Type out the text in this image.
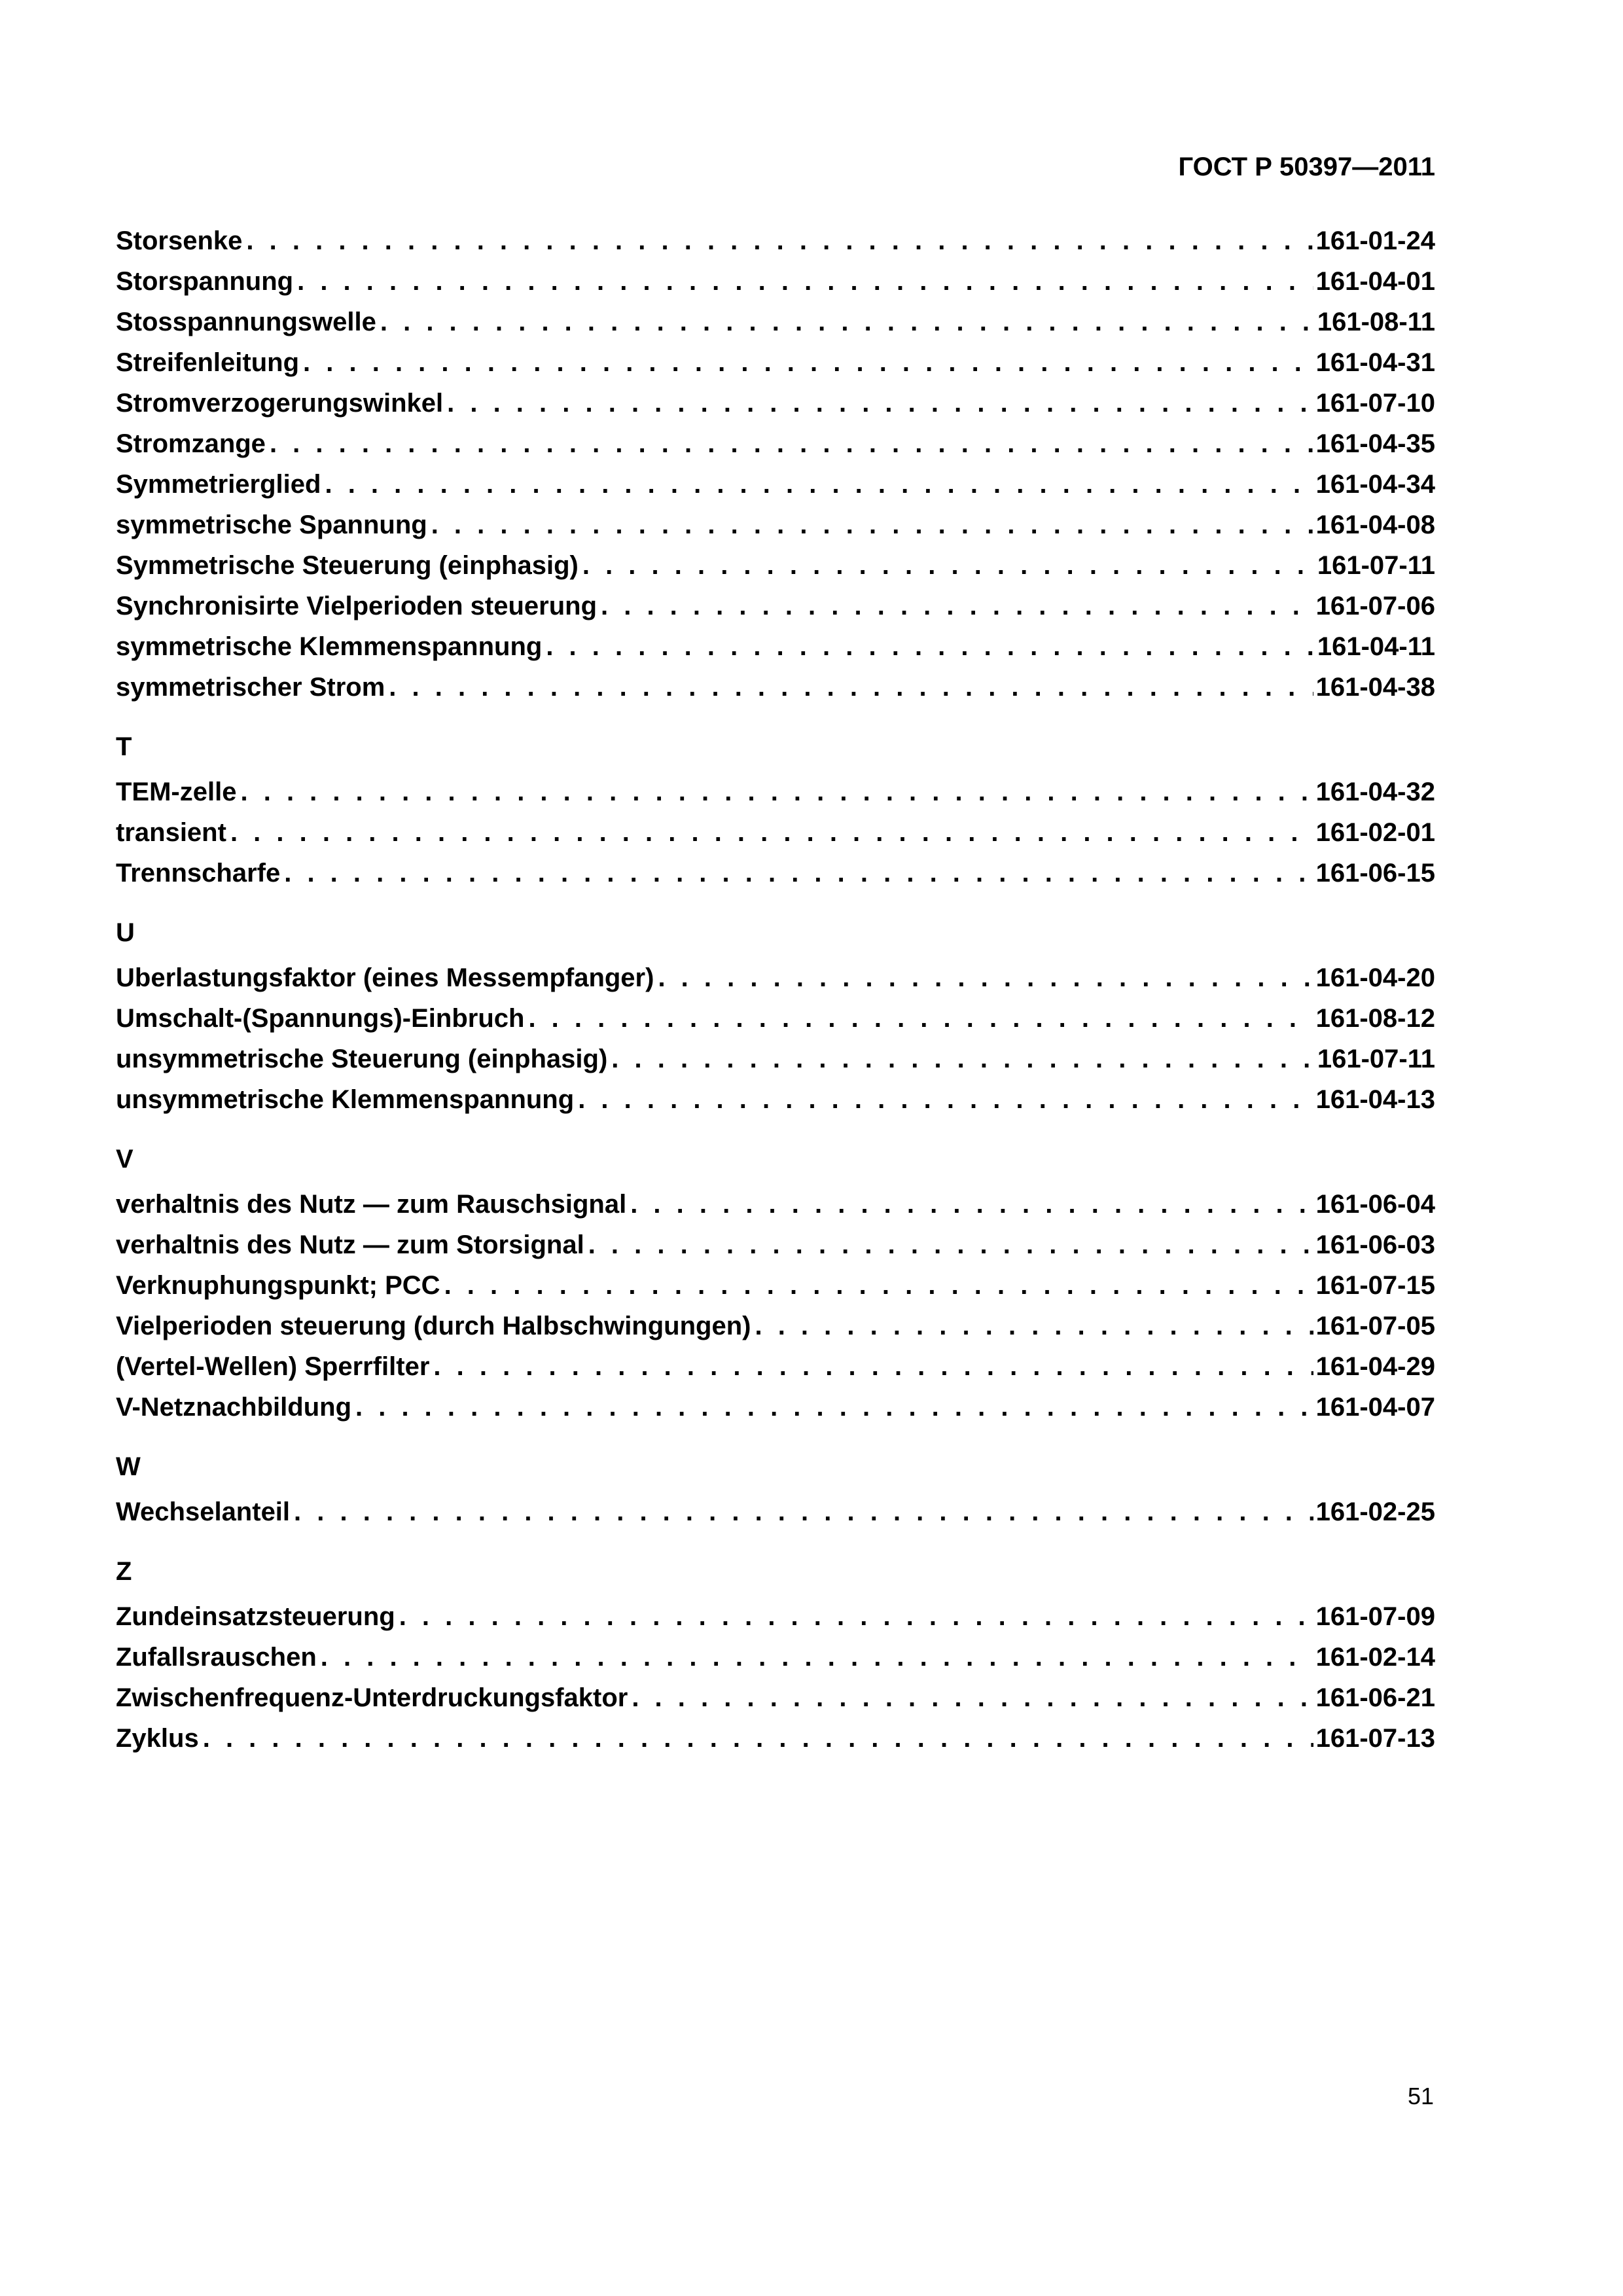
ГОСТ Р 50397—2011
Storsenke . . .	161-01-24
Storspannung . . .	161-04-01
Stosspannungswelle . . .	161-08-11
Streifenleitung . . .	161-04-31
Stromverzogerungswinkel . . .	161-07-10
Stromzange . . .	161-04-35
Symmetrierglied . . .	161-04-34
symmetrische Spannung . . .	161-04-08
Symmetrische Steuerung (einphasig) . . .	161-07-11
Synchronisirte Vielperioden steuerung . . .	161-07-06
symmetrische Klemmenspannung . . .	161-04-11
symmetrischer Strom . . .	161-04-38
T
TEM-zelle . . .	161-04-32
transient . . .	161-02-01
Trennscharfe . . .	161-06-15
U
Uberlastungsfaktor (eines Messempfanger) . . .	161-04-20
Umschalt-(Spannungs)-Einbruch . . .	161-08-12
unsymmetrische Steuerung (einphasig) . . .	161-07-11
unsymmetrische Klemmenspannung . . .	161-04-13
V
verhaltnis des Nutz — zum Rauschsignal . . .	161-06-04
verhaltnis des Nutz — zum Storsignal . . .	161-06-03
Verknuphungspunkt; PCC . . .	161-07-15
Vielperioden steuerung (durch Halbschwingungen) . . .	161-07-05
(Vertel-Wellen) Sperrfilter . . .	161-04-29
V-Netznachbildung . . .	161-04-07
W
Wechselanteil . . .	161-02-25
Z
Zundeinsatzsteuerung . . .	161-07-09
Zufallsrauschen . . .	161-02-14
Zwischenfrequenz-Unterdruckungsfaktor . . .	161-06-21
Zyklus . . .	161-07-13
51
